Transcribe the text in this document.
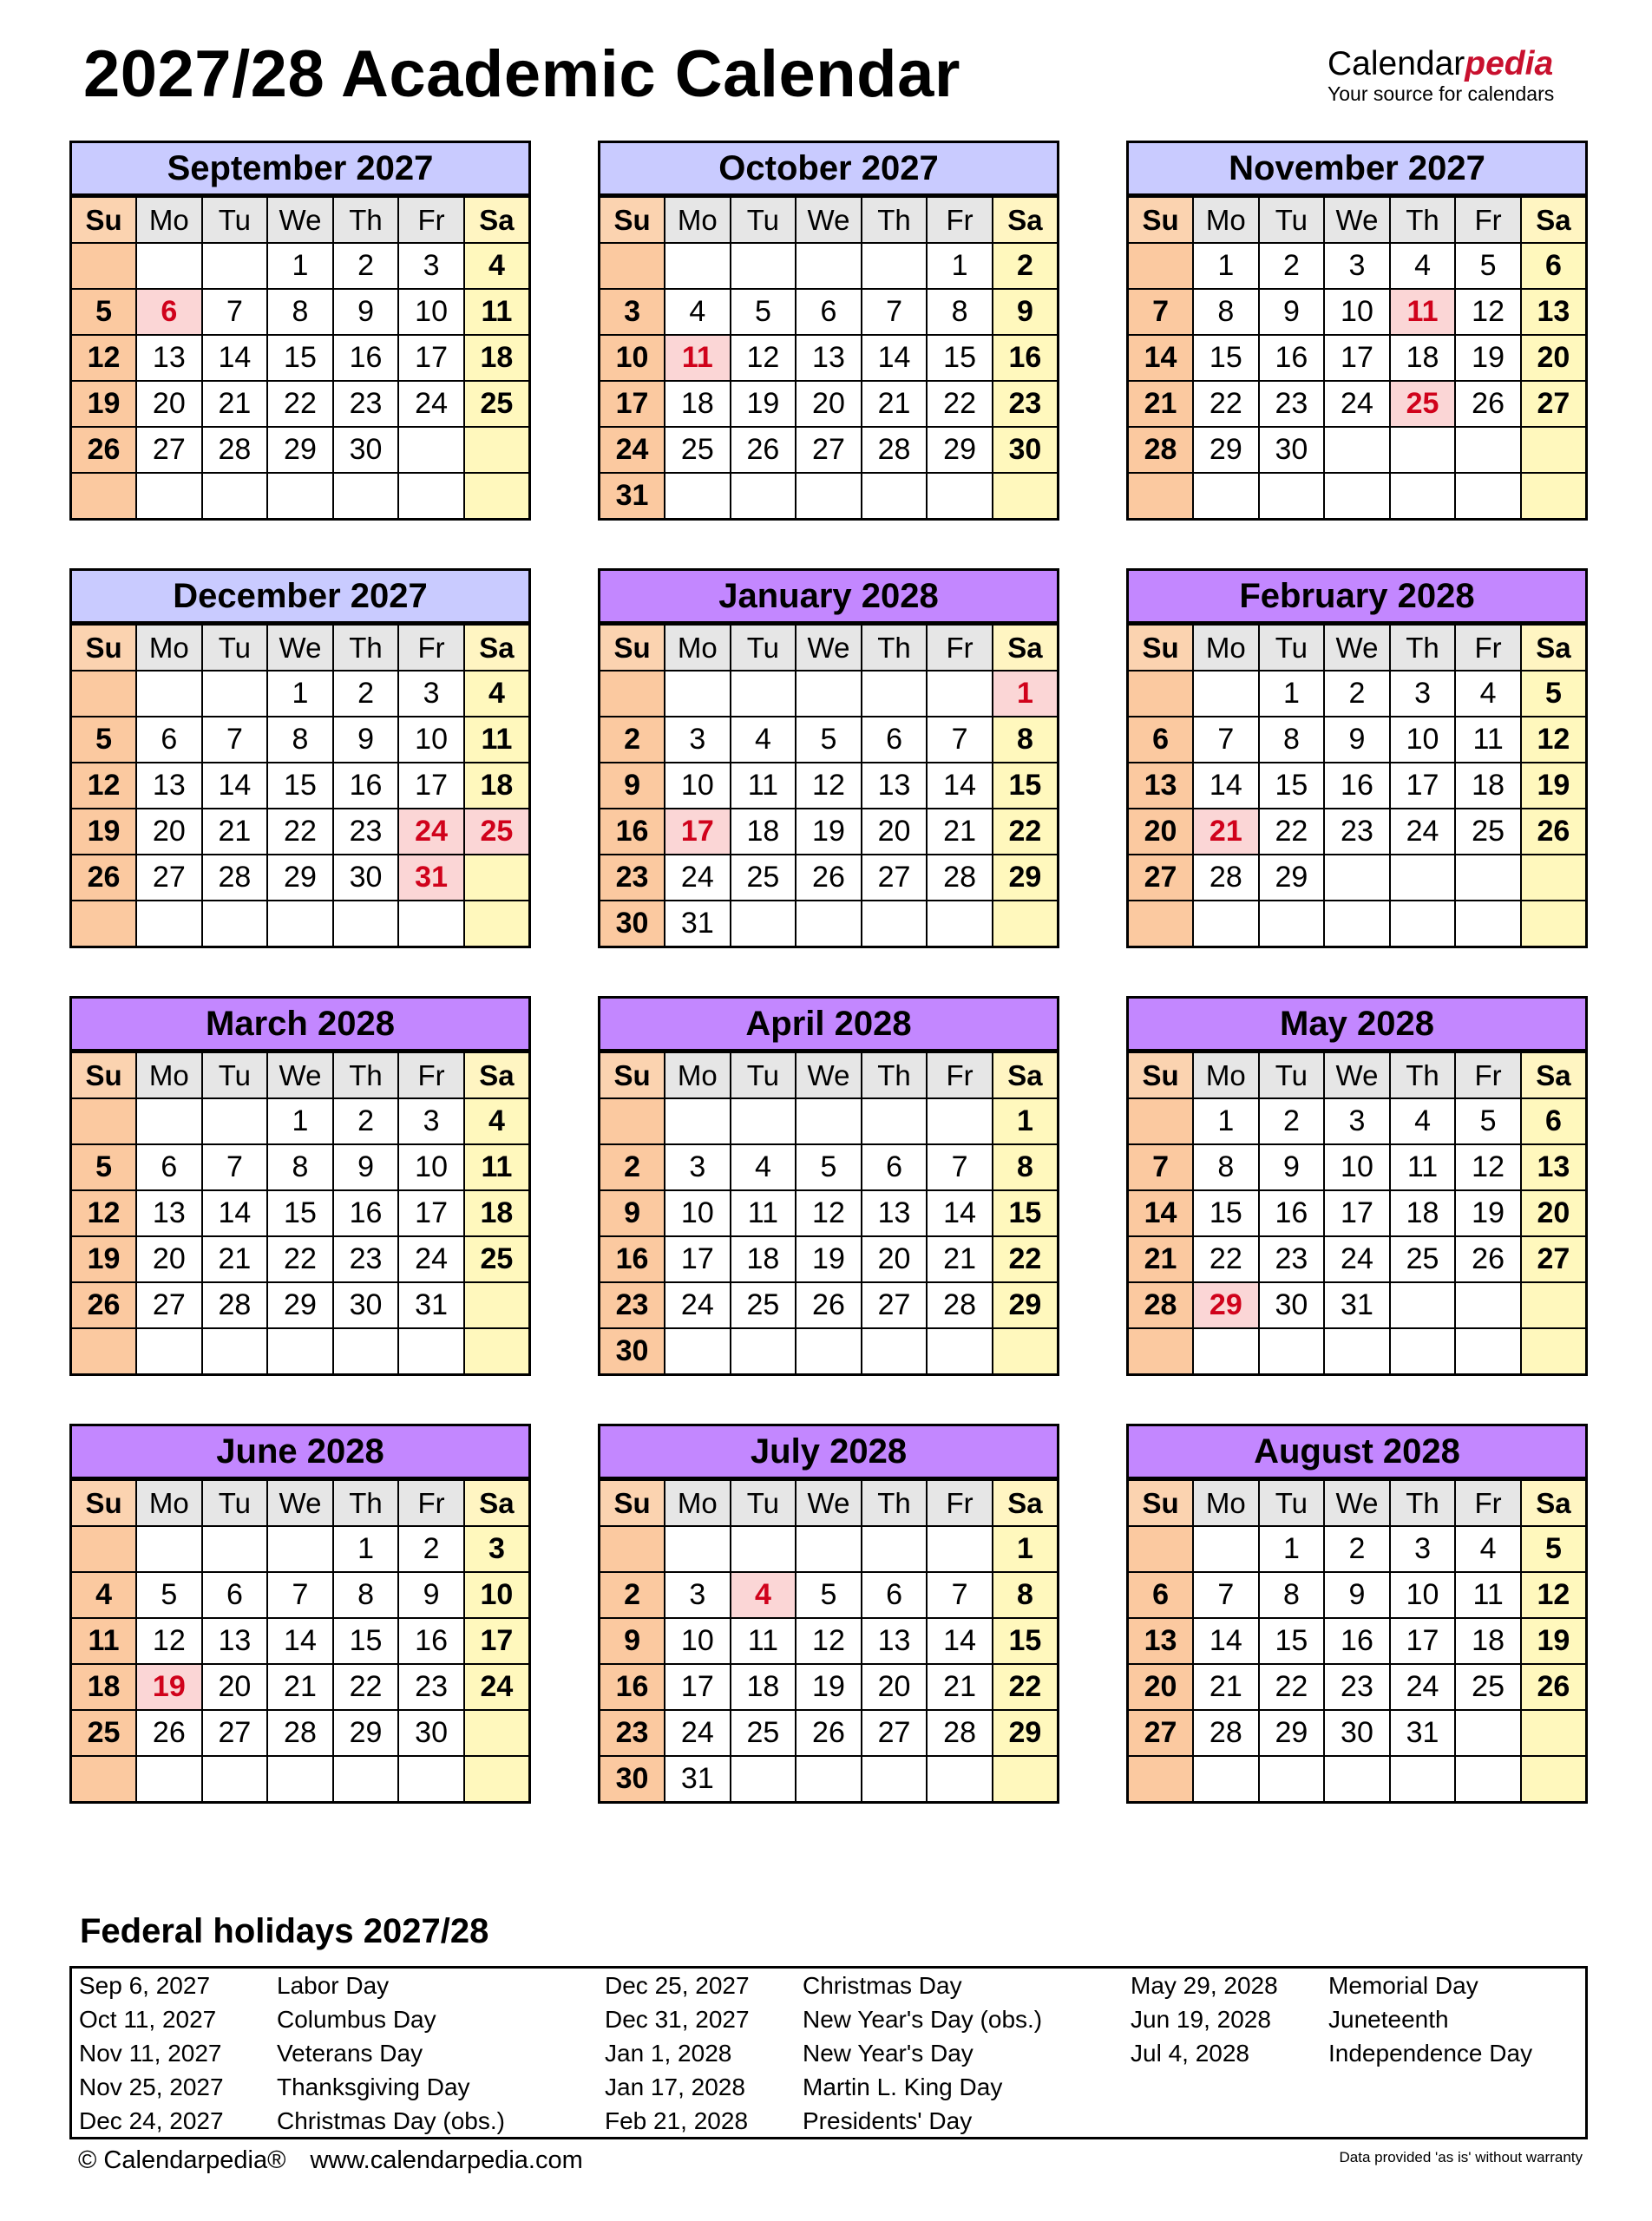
2027/28 Academic Calendar	Calendarpedia
Your source for calendars
September 2027
Su	Mo	Tu	We	Th	Fr	Sa
			1	2	3	4
5	6	7	8	9	10	11
12	13	14	15	16	17	18
19	20	21	22	23	24	25
26	27	28	29	30		

October 2027
Su	Mo	Tu	We	Th	Fr	Sa
					1	2
3	4	5	6	7	8	9
10	11	12	13	14	15	16
17	18	19	20	21	22	23
24	25	26	27	28	29	30
31						
November 2027
Su	Mo	Tu	We	Th	Fr	Sa
	1	2	3	4	5	6
7	8	9	10	11	12	13
14	15	16	17	18	19	20
21	22	23	24	25	26	27
28	29	30				

December 2027
Su	Mo	Tu	We	Th	Fr	Sa
			1	2	3	4
5	6	7	8	9	10	11
12	13	14	15	16	17	18
19	20	21	22	23	24	25
26	27	28	29	30	31	

January 2028
Su	Mo	Tu	We	Th	Fr	Sa
						1
2	3	4	5	6	7	8
9	10	11	12	13	14	15
16	17	18	19	20	21	22
23	24	25	26	27	28	29
30	31					
February 2028
Su	Mo	Tu	We	Th	Fr	Sa
		1	2	3	4	5
6	7	8	9	10	11	12
13	14	15	16	17	18	19
20	21	22	23	24	25	26
27	28	29				

March 2028
Su	Mo	Tu	We	Th	Fr	Sa
			1	2	3	4
5	6	7	8	9	10	11
12	13	14	15	16	17	18
19	20	21	22	23	24	25
26	27	28	29	30	31	

April 2028
Su	Mo	Tu	We	Th	Fr	Sa
						1
2	3	4	5	6	7	8
9	10	11	12	13	14	15
16	17	18	19	20	21	22
23	24	25	26	27	28	29
30						
May 2028
Su	Mo	Tu	We	Th	Fr	Sa
	1	2	3	4	5	6
7	8	9	10	11	12	13
14	15	16	17	18	19	20
21	22	23	24	25	26	27
28	29	30	31			

June 2028
Su	Mo	Tu	We	Th	Fr	Sa
				1	2	3
4	5	6	7	8	9	10
11	12	13	14	15	16	17
18	19	20	21	22	23	24
25	26	27	28	29	30	

July 2028
Su	Mo	Tu	We	Th	Fr	Sa
						1
2	3	4	5	6	7	8
9	10	11	12	13	14	15
16	17	18	19	20	21	22
23	24	25	26	27	28	29
30	31					
August 2028
Su	Mo	Tu	We	Th	Fr	Sa
		1	2	3	4	5
6	7	8	9	10	11	12
13	14	15	16	17	18	19
20	21	22	23	24	25	26
27	28	29	30	31		

Federal holidays 2027/28
Sep 6, 2027	Labor Day
Oct 11, 2027 Columbus Day
Nov 11, 2027 Veterans Day
Nov 25, 2027 Thanksgiving Day
Dec 24, 2027 Christmas Day (obs.)
Dec 25, 2027 Christmas Day
Dec 31, 2027 New Year's Day (obs.)
Jan 1, 2028	New Year's Day
Jan 17, 2028 Martin L. King Day
Feb 21, 2028 Presidents' Day
May 29, 2028 Memorial Day
Jun 19, 2028 Juneteenth
Jul 4, 2028	Independence Day
© Calendarpedia® www.calendarpedia.com	Data provided 'as is' without warranty
